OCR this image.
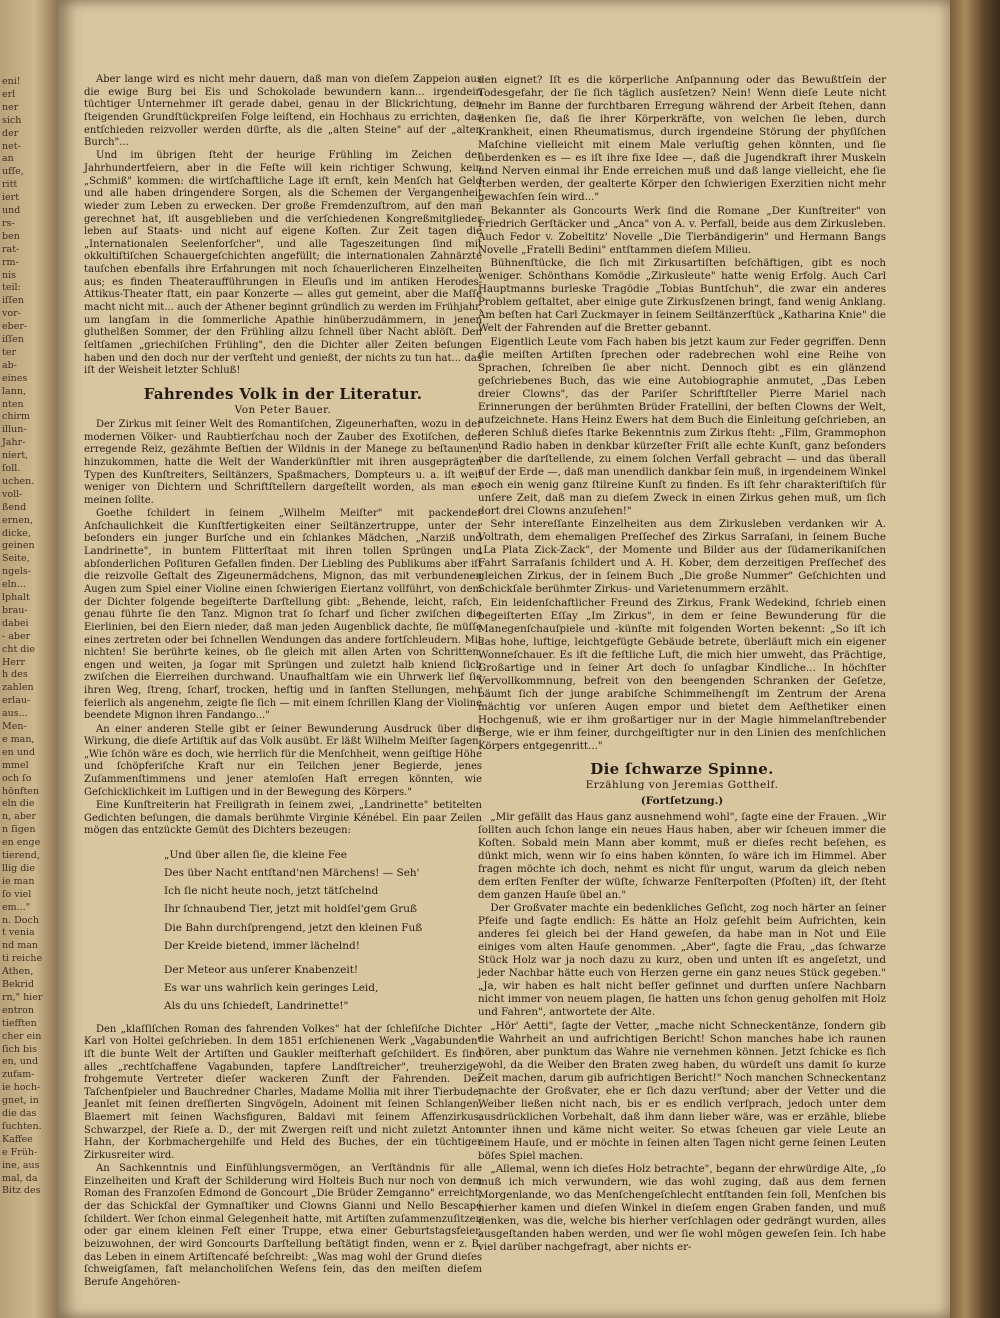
eni!
erl
ner
sich
der
net-
an
ufſe,
ritt
iert
und
rs-
ben
rat-
rm-
nis
teil:
iſſen
vor-
eber-
iſſen
ter
ab-
eines
lann,
nten
chirm
illun-
Jahr-
niert,
ſoll.
uchen.
voll-
ßend
ernen,
dicke,
geinen
Seite,
ngels-
eln...
lphalt
brau-
dabei
- aber
cht die
Herr
h des
zahlen
erlau-
aus...
Men-
e man,
en und
mmel
och ſo
hönften
eln die
n, aber
n ſigen
en enge
tierend,
llig die
ie man
ſo viel
em..."
n. Doch
t venia
nd man
ti reiche
Athen,
Bekrid
rn," hier
entron
tiefften
cher ein
ſich bis
en, und
zufam-
ie hoch-
gnet, in
die das
ſuchten.
Kaffee
e Früh-
ine, aus
mal, da
Bitz des

Aber lange wird es nicht mehr dauern, daß man von dieſem Zappeion aus die ewige Burg bei Eis und Schokolade bewundern kann... irgendein tüchtiger Unternehmer iſt gerade dabei, genau in der Blickrichtung, den ſteigenden Grundſtückpreiſen Folge leiſtend, ein Hochhaus zu errichten, das entſchieden reizvoller werden dürfte, als die „alten Steine" auf der „alten Burch"...

Und im übrigen ſteht der heurige Frühling im Zeichen der Jahrhundertfeiern, aber in die Feſte will kein richtiger Schwung, kein „Schmiß" kommen: die wirtſchaftliche Lage iſt ernſt, kein Menſch hat Geld und alle haben dringendere Sorgen, als die Schemen der Vergangenheit wieder zum Leben zu erwecken. Der große Fremdenzuſtrom, auf den man gerechnet hat, iſt ausgeblieben und die verſchiedenen Kongreßmitglieder leben auf Staats- und nicht auf eigene Koſten. Zur Zeit tagen die „Internationalen Seelenforſcher", und alle Tageszeitungen ſind mit okkultiſtiſchen Schauergeſchichten angefüllt; die internationalen Zahnärzte tauſchen ebenfalls ihre Erfahrungen mit noch ſchauerlicheren Einzelheiten aus; es finden Theateraufführungen in Eleuſis und im antiken Herodes-Attikus-Theater ſtatt, ein paar Konzerte — alles gut gemeint, aber die Maſſe macht nicht mit... auch der Athener beginnt gründlich zu werden im Frühjahr, um langſam in die ſommerliche Apathie hinüberzudämmern, in jenen gluthelßen Sommer, der den Frühling allzu ſchnell über Nacht ablöſt. Den ſeltſamen „griechiſchen Frühling", den die Dichter aller Zeiten beſungen haben und den doch nur der verſteht und genießt, der nichts zu tun hat... das iſt der Weisheit letzter Schluß!

Fahrendes Volk in der Literatur.
Von Peter Bauer.

Der Zirkus mit ſeiner Welt des Romantiſchen, Zigeunerhaften, wozu in der modernen Völker- und Raubtierſchau noch der Zauber des Exotiſchen, der erregende Reiz, gezähmte Beſtien der Wildnis in der Manege zu beſtaunen, hinzukommen, hatte die Welt der Wanderkünſtler mit ihren ausgeprägten Typen des Kunſtreiters, Seiltänzers, Spaßmachers, Dompteurs u. a. iſt weit weniger von Dichtern und Schriftſtellern dargeſtellt worden, als man es meinen ſollte.

Goethe ſchildert in ſeinem „Wilhelm Meiſter" mit packender Anſchaulichkeit die Kunſtfertigkeiten einer Seiltänzertruppe, unter der beſonders ein junger Burſche und ein ſchlankes Mädchen, „Narziß und Landrinette", in buntem Flitterſtaat mit ihren tollen Sprüngen und abſonderlichen Poſituren Gefallen finden. Der Liebling des Publikums aber iſt die reizvolle Geſtalt des Zigeunermädchens, Mignon, das mit verbundenen Augen zum Spiel einer Violine einen ſchwierigen Eiertanz vollführt, von dem der Dichter folgende begeiſterte Darſtellung gibt: „Behende, leicht, raſch, genau führte ſie den Tanz. Mignon trat ſo ſcharf und ſicher zwiſchen die Eierlinien, bei den Eiern nieder, daß man jeden Augenblick dachte, ſie müſſe eines zertreten oder bei ſchnellen Wendungen das andere fortſchleudern. Mit nichten! Sie berührte keines, ob ſie gleich mit allen Arten von Schritten, engen und weiten, ja ſogar mit Sprüngen und zuletzt halb kniend ſich zwiſchen die Eierreihen durchwand. Unaufhaltſam wie ein Uhrwerk lief ſie ihren Weg, ſtreng, ſcharf, trocken, heftig und in ſanften Stellungen, mehr feierlich als angenehm, zeigte ſie ſich — mit einem ſchrillen Klang der Violine beendete Mignon ihren Fandango..."

An einer anderen Stelle gibt er ſeiner Bewunderung Ausdruck über die Wirkung, die dieſe Artiſtik auf das Volk ausübt. Er läßt Wilhelm Meiſter ſagen: „Wie ſchön wäre es doch, wie herrlich für die Menſchheit, wenn geiſtige Höhe und ſchöpferiſche Kraft nur ein Teilchen jener Begierde, jenes Zuſammenſtimmens und jener atemloſen Haſt erregen könnten, wie Geſchicklichkeit im Luſtigen und in der Bewegung des Körpers."

Eine Kunſtreiterin hat Freiligrath in ſeinem zwei, „Landrinette" betitelten Gedichten beſungen, die damals berühmte Virginie Kénébel. Ein paar Zeilen mögen das entzückte Gemüt des Dichters bezeugen:

„Und über allen ſie, die kleine Fee
Des über Nacht entſtand'nen Märchens! — Seh'
Ich ſie nicht heute noch, jetzt tätſchelnd
Ihr ſchnaubend Tier, jetzt mit holdſel'gem Gruß
Die Bahn durchſprengend, jetzt den kleinen Fuß
Der Kreide bietend, immer lächelnd!
Der Meteor aus unſerer Knabenzeit!
Es war uns wahrlich kein geringes Leid,
Als du uns ſchiedeſt, Landrinette!"

Den „klaſſiſchen Roman des fahrenden Volkes" hat der ſchleſiſche Dichter Karl von Holtei geſchrieben. In dem 1851 erſchienenen Werk „Vagabunden" iſt die bunte Welt der Artiſten und Gaukler meiſterhaft geſchildert. Es ſind alles „rechtſchaffene Vagabunden, tapfere Landſtreicher", treuherzige, frohgemute Vertreter dieſer wackeren Zunft der Fahrenden. Der Taſchenſpieler und Bauchredner Charles, Madame Mollia mit ihrer Tierbude, Jeanlet mit ſeinen dreſſierten Singvögeln, Adoinent mit ſeinen Schlangen, Blaemert mit ſeinen Wachsfiguren, Baldavi mit ſeinem Affenzirkus, Schwarzpel, der Rieſe a. D., der mit Zwergen reiſt und nicht zuletzt Anton Hahn, der Korbmachergehilfe und Held des Buches, der ein tüchtiger Zirkusreiter wird.

An Sachkenntnis und Einfühlungsvermögen, an Verſtändnis für alle Einzelheiten und Kraft der Schilderung wird Holteis Buch nur noch von dem Roman des Franzoſen Edmond de Goncourt „Die Brüder Zemganno" erreicht, der das Schickſal der Gymnaſtiker und Clowns Gianni und Nello Bescapé ſchildert. Wer ſchon einmal Gelegenheit hatte, mit Artiſten zuſammenzuſitzen oder gar einem kleinen Feſt einer Truppe, etwa einer Geburtstagsfeier, beizuwohnen, der wird Goncourts Darſtellung beſtätigt finden, wenn er z. B. das Leben in einem Artiſtencafé beſchreibt: „Was mag wohl der Grund dieſes ſchweigſamen, faſt melancholiſchen Weſens ſein, das den meiſten dieſem Berufe Angehören-

den eignet? Iſt es die körperliche Anſpannung oder das Bewußtſein der Todesgefahr, der ſie ſich täglich ausſetzen? Nein! Wenn dieſe Leute nicht mehr im Banne der furchtbaren Erregung während der Arbeit ſtehen, dann denken ſie, daß ſie ihrer Körperkräfte, von welchen ſie leben, durch Krankheit, einen Rheumatismus, durch irgendeine Störung der phyſiſchen Maſchine vielleicht mit einem Male verluſtig gehen könnten, und ſie überdenken es — es iſt ihre fixe Idee —, daß die Jugendkraft ihrer Muskeln und Nerven einmal ihr Ende erreichen muß und daß lange vielleicht, ehe ſie ſterben werden, der gealterte Körper den ſchwierigen Exerzitien nicht mehr gewachſen ſein wird..."

Bekannter als Goncourts Werk ſind die Romane „Der Kunſtreiter" von Friedrich Gerſtäcker und „Anca" von A. v. Perfall, beide aus dem Zirkusleben. Auch Fedor v. Zobeltitz' Novelle „Die Tierbändigerin" und Hermann Bangs Novelle „Fratelli Bedini" entſtammen dieſem Milieu.

Bühnenſtücke, die ſich mit Zirkusartiſten beſchäftigen, gibt es noch weniger. Schönthans Komödie „Zirkusleute" hatte wenig Erfolg. Auch Carl Hauptmanns burleske Tragödie „Tobias Buntſchuh", die zwar ein anderes Problem geſtaltet, aber einige gute Zirkusſzenen bringt, fand wenig Anklang. Am beſten hat Carl Zuckmayer in ſeinem Seiltänzerſtück „Katharina Knie" die Welt der Fahrenden auf die Bretter gebannt.

Eigentlich Leute vom Fach haben bis jetzt kaum zur Feder gegriffen. Denn die meiſten Artiſten ſprechen oder radebrechen wohl eine Reihe von Sprachen, ſchreiben ſie aber nicht. Dennoch gibt es ein glänzend geſchriebenes Buch, das wie eine Autobiographie anmutet, „Das Leben dreier Clowns", das der Pariſer Schriftſteller Pierre Mariel nach Erinnerungen der berühmten Brüder Fratellini, der beſten Clowns der Welt, aufzeichnete. Hans Heinz Ewers hat dem Buch die Einleitung geſchrieben, an deren Schluß dieſes ſtarke Bekenntnis zum Zirkus ſteht: „Film, Grammophon und Radio haben in denkbar kürzeſter Friſt alle echte Kunſt, ganz beſonders aber die darſtellende, zu einem ſolchen Verfall gebracht — und das überall auf der Erde —, daß man unendlich dankbar ſein muß, in irgendeinem Winkel noch ein wenig ganz ſtilreine Kunſt zu finden. Es iſt ſehr charakteriſtiſch für unſere Zeit, daß man zu dieſem Zweck in einen Zirkus gehen muß, um ſich dort drei Clowns anzuſehen!"

Sehr intereſſante Einzelheiten aus dem Zirkusleben verdanken wir A. Voltrath, dem ehemaligen Preſſechef des Zirkus Sarraſani, in ſeinem Buche „La Plata Zick-Zack", der Momente und Bilder aus der ſüdamerikaniſchen Fahrt Sarraſanis ſchildert und A. H. Kober, dem derzeitigen Preſſechef des gleichen Zirkus, der in ſeinem Buch „Die große Nummer" Geſchichten und Schickſale berühmter Zirkus- und Varietenummern erzählt.

Ein leidenſchaftlicher Freund des Zirkus, Frank Wedekind, ſchrieb einen begeiſterten Eſſay „Im Zirkus", in dem er ſeine Bewunderung für die Manegenſchauſpiele und -künſte mit folgenden Worten bekennt: „So iſt ich das hohe, luftige, leichtgefügte Gebäude betrete, überläuft mich ein eigener Wonneſchauer. Es iſt die feſtliche Luft, die mich hier umweht, das Prächtige, Großartige und in ſeiner Art doch ſo unſagbar Kindliche... In höchſter Vervollkommnung, befreit von den beengenden Schranken der Geſetze, bäumt ſich der junge arabiſche Schimmelhengſt im Zentrum der Arena mächtig vor unſeren Augen empor und bietet dem Aeſthetiker einen Hochgenuß, wie er ihm großartiger nur in der Magie himmelanſtrebender Berge, wie er ihm feiner, durchgeiſtigter nur in den Linien des menſchlichen Körpers entgegenritt..."

Die ſchwarze Spinne.
Erzählung von Jeremias Gotthelf.
(Fortſetzung.)

„Mir gefällt das Haus ganz ausnehmend wohl", ſagte eine der Frauen. „Wir ſollten auch ſchon lange ein neues Haus haben, aber wir ſcheuen immer die Koſten. Sobald mein Mann aber kommt, muß er dieſes recht beſehen, es dünkt mich, wenn wir ſo eins haben könnten, ſo wäre ich im Himmel. Aber fragen möchte ich doch, nehmt es nicht für ungut, warum da gleich neben dem erſten Fenſter der wüſte, ſchwarze Fenſterpoſten (Pfoſten) iſt, der ſteht dem ganzen Hauſe übel an."

Der Großvater machte ein bedenkliches Geſicht, zog noch härter an ſeiner Pfeife und ſagte endlich: Es hätte an Holz geſehlt beim Aufrichten, kein anderes ſei gleich bei der Hand geweſen, da habe man in Not und Eile einiges vom alten Hauſe genommen. „Aber", ſagte die Frau, „das ſchwarze Stück Holz war ja noch dazu zu kurz, oben und unten iſt es angeſetzt, und jeder Nachbar hätte euch von Herzen gerne ein ganz neues Stück gegeben." „Ja, wir haben es halt nicht beſſer geſinnet und durften unſere Nachbarn nicht immer von neuem plagen, ſie hatten uns ſchon genug geholfen mit Holz und Fahren", antwortete der Alte.

„Hör' Aetti", ſagte der Vetter, „mache nicht Schneckentänze, ſondern gib die Wahrheit an und aufrichtigen Bericht! Schon manches habe ich raunen hören, aber punktum das Wahre nie vernehmen können. Jetzt ſchicke es ſich wohl, da die Weiber den Braten zweg haben, du würdeſt uns damit ſo kurze Zeit machen, darum gib aufrichtigen Bericht!" Noch manchen Schneckentanz machte der Großvater, ehe er ſich dazu verſtund; aber der Vetter und die Weiber ließen nicht nach, bis er es endlich verſprach, jedoch unter dem ausdrücklichen Vorbehalt, daß ihm dann lieber wäre, was er erzähle, bliebe unter ihnen und käme nicht weiter. So etwas ſcheuen gar viele Leute an einem Hauſe, und er möchte in ſeinen alten Tagen nicht gerne ſeinen Leuten böſes Spiel machen.

„Allemal, wenn ich dieſes Holz betrachte", begann der ehrwürdige Alte, „ſo muß ich mich verwundern, wie das wohl zuging, daß aus dem fernen Morgenlande, wo das Menſchengeſchlecht entſtanden ſein ſoll, Menſchen bis hierher kamen und dieſen Winkel in dieſem engen Graben fanden, und muß denken, was die, welche bis hierher verſchlagen oder gedrängt wurden, alles ausgeſtanden haben werden, und wer ſie wohl mögen geweſen ſein. Ich habe viel darüber nachgefragt, aber nichts er-
